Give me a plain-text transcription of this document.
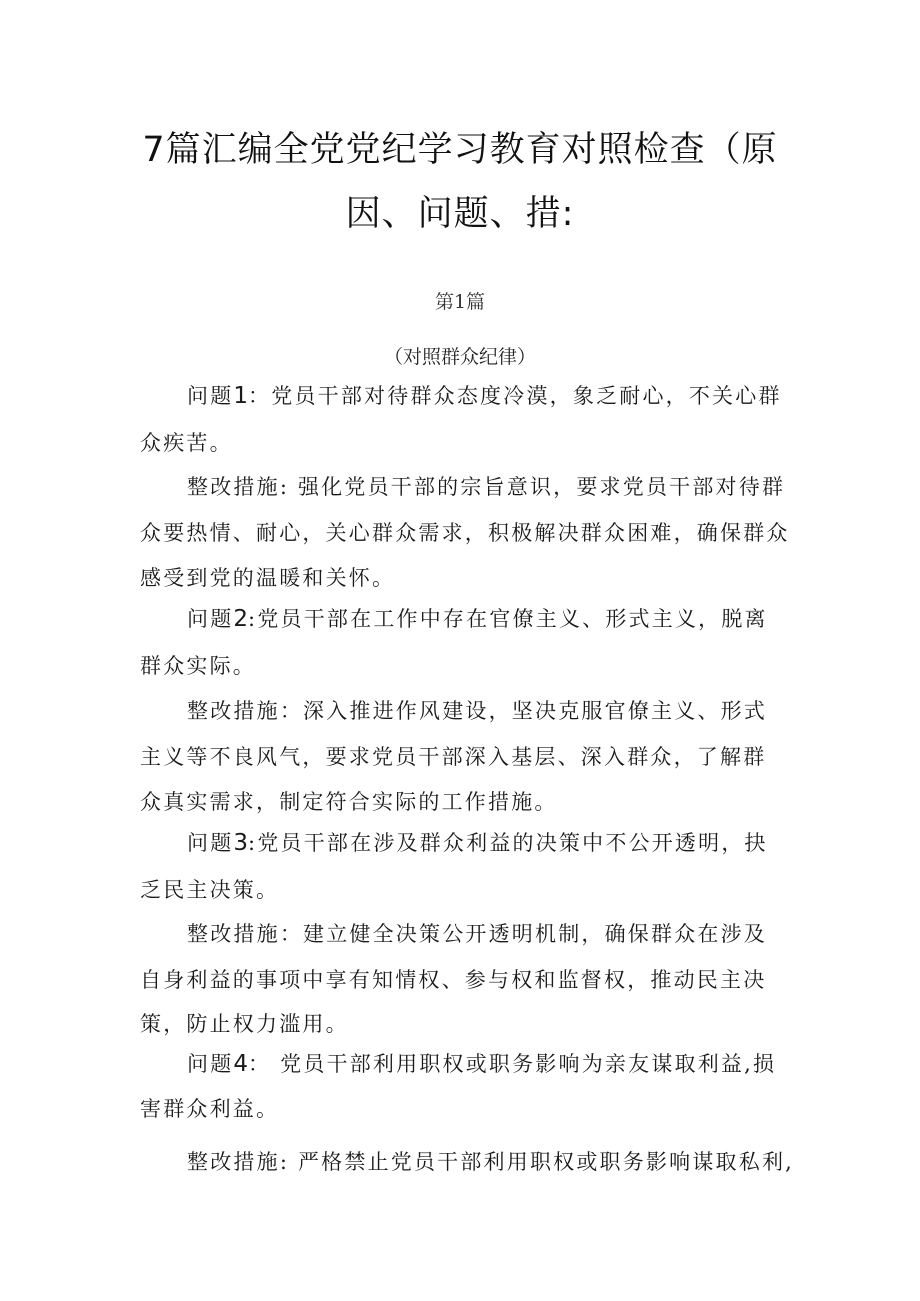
7篇汇编全党党纪学习教育对照检查（原
因、问题、措:
第1篇
（对照群众纪律）
问题1：党员干部对待群众态度冷漠，象乏耐心，不关心群
众疾苦。
整改措施: 强化党员干部的宗旨意识，要求党员干部对待群
众要热情、耐心，关心群众需求，积极解决群众困难，确保群众
感受到党的温暖和关怀。
问题2:党员干部在工作中存在官僚主义、形式主义，脱离
群众实际。
整改措施：深入推进作风建设，坚决克服官僚主义、形式
主义等不良风气，要求党员干部深入基层、深入群众，了解群
众真实需求，制定符合实际的工作措施。
问题3:党员干部在涉及群众利益的决策中不公开透明，抉
乏民主决策。
整改措施：建立健全决策公开透明机制，确保群众在涉及
自身利益的事项中享有知情权、参与权和监督权，推动民主决
策，防止权力滥用。
问题4： 党员干部利用职权或职务影响为亲友谋取利益,损
害群众利益。
整改措施: 严格禁止党员干部利用职权或职务影响谋取私利,
